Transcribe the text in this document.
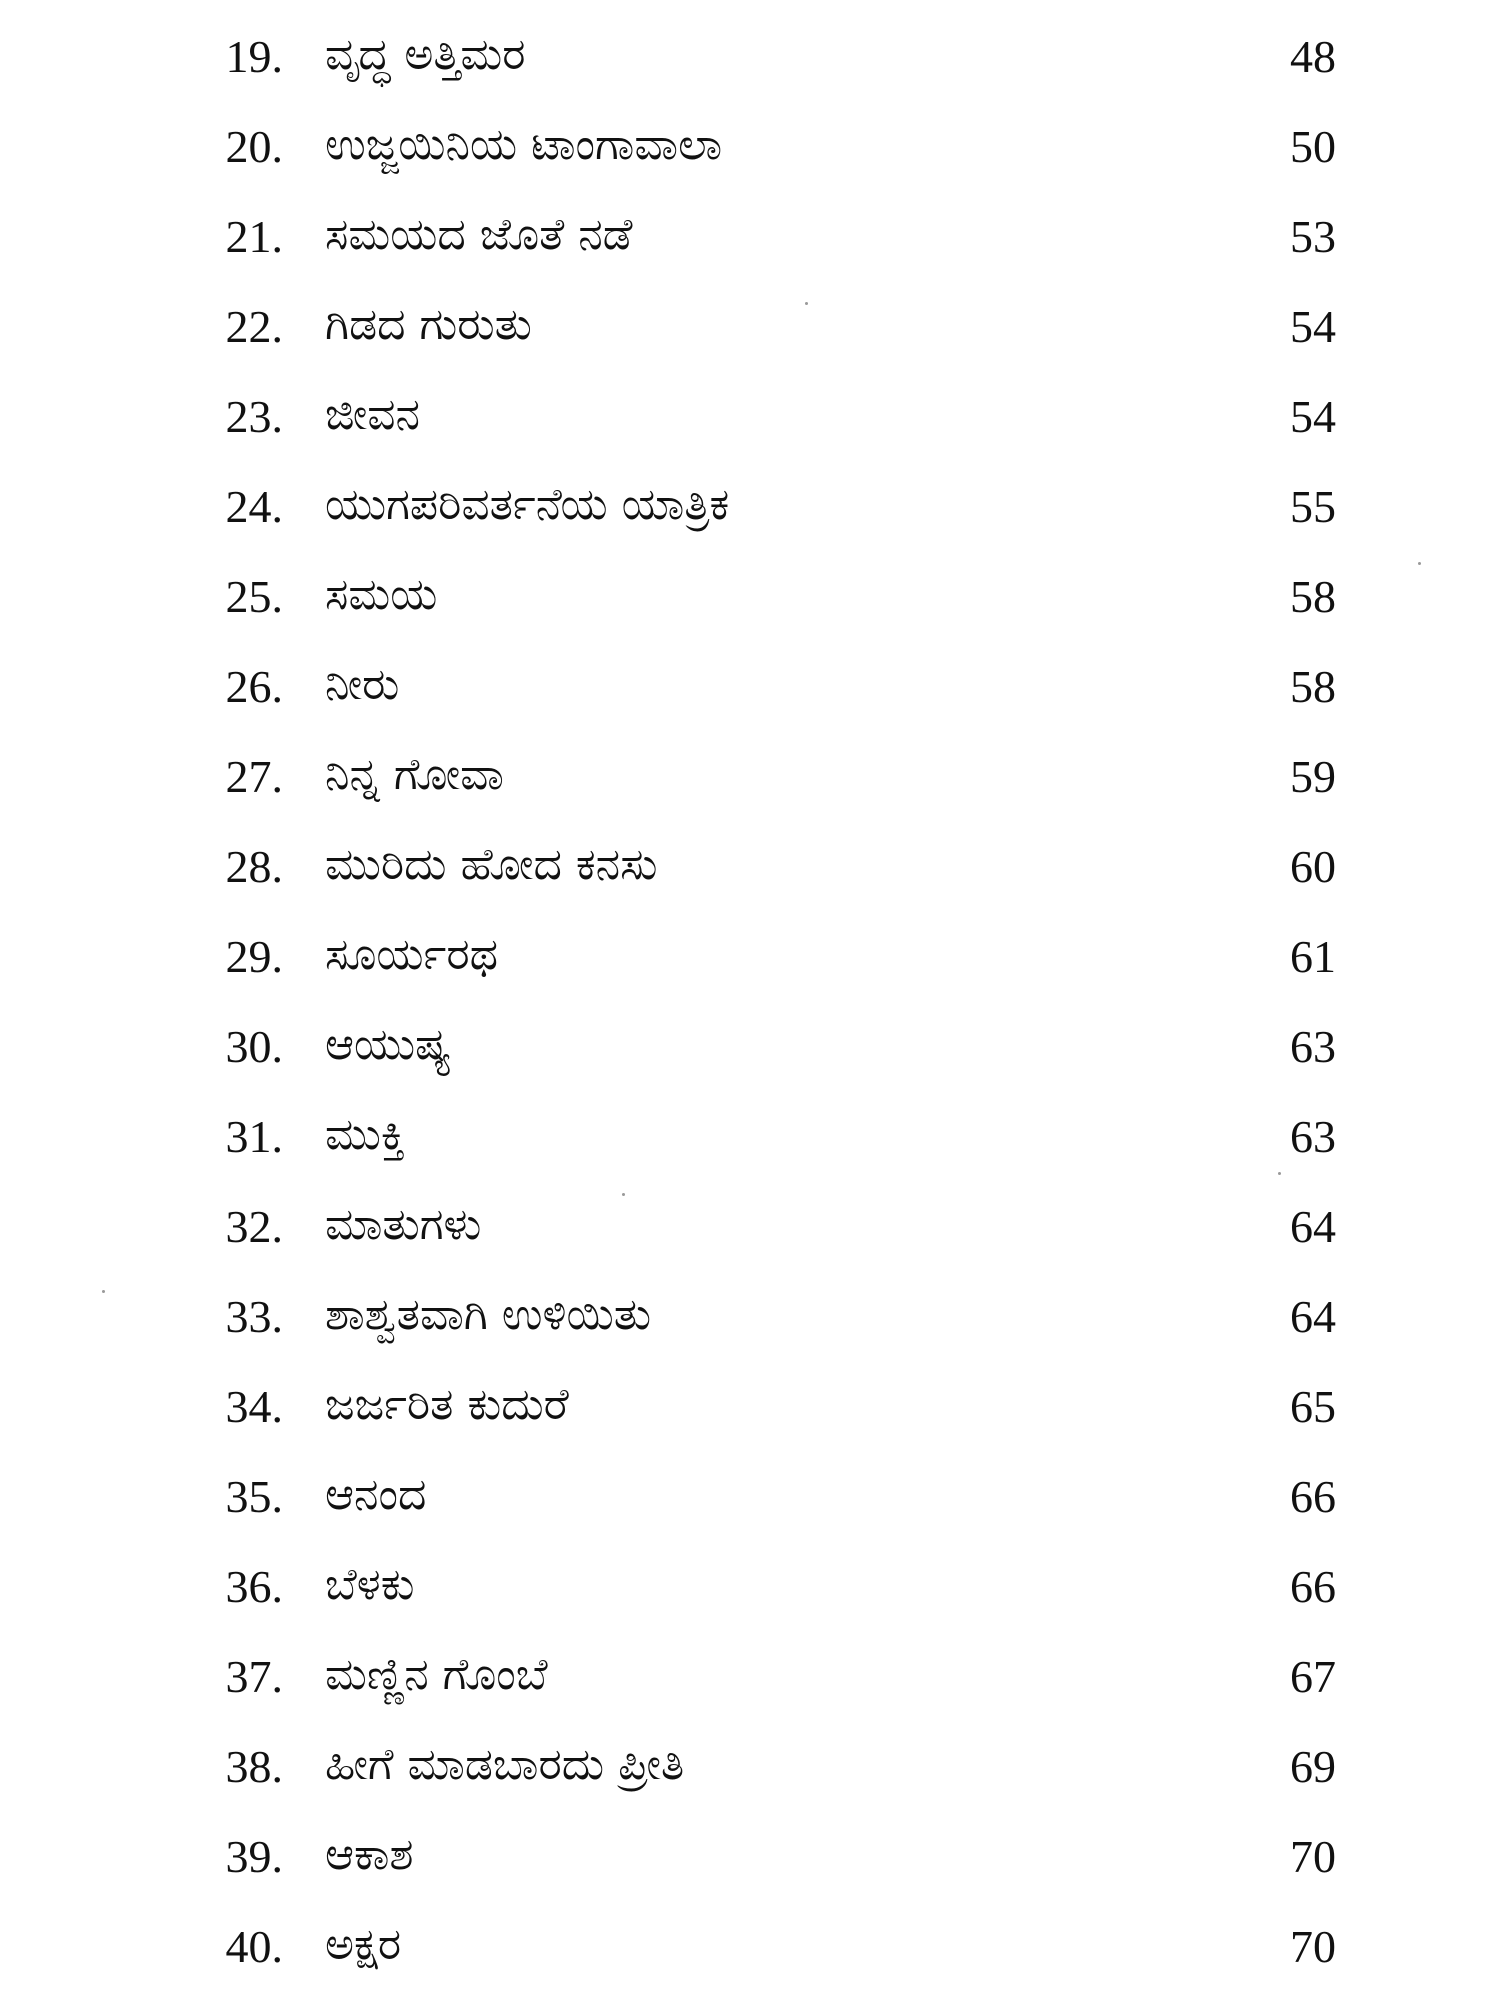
19. ವೃದ್ಧ ಅತ್ತಿಮರ	48
20. ಉಜ್ಜಯಿನಿಯ ಟಾಂಗಾವಾಲಾ	50
21. ಸಮಯದ ಜೊತೆ ನಡೆ	53
22. ಗಿಡದ ಗುರುತು	54
23. ಜೀವನ	54
24. ಯುಗಪರಿವರ್ತನೆಯ ಯಾತ್ರಿಕ	55
25. ಸಮಯ	58
26. ನೀರು	58
27. ನಿನ್ನ ಗೋವಾ	59
28. ಮುರಿದು ಹೋದ ಕನಸು	60
29. ಸೂರ್ಯರಥ	61
30. ಆಯುಷ್ಯ	63
31. ಮುಕ್ತಿ	63
32. ಮಾತುಗಳು	64
33. ಶಾಶ್ವತವಾಗಿ ಉಳಿಯಿತು	64
34. ಜರ್ಜರಿತ ಕುದುರೆ	65
35. ಆನಂದ	66
36. ಬೆಳಕು	66
37. ಮಣ್ಣಿನ ಗೊಂಬೆ	67
38. ಹೀಗೆ ಮಾಡಬಾರದು ಪ್ರೀತಿ	69
39. ಆಕಾಶ	70
40. ಅಕ್ಷರ	70
